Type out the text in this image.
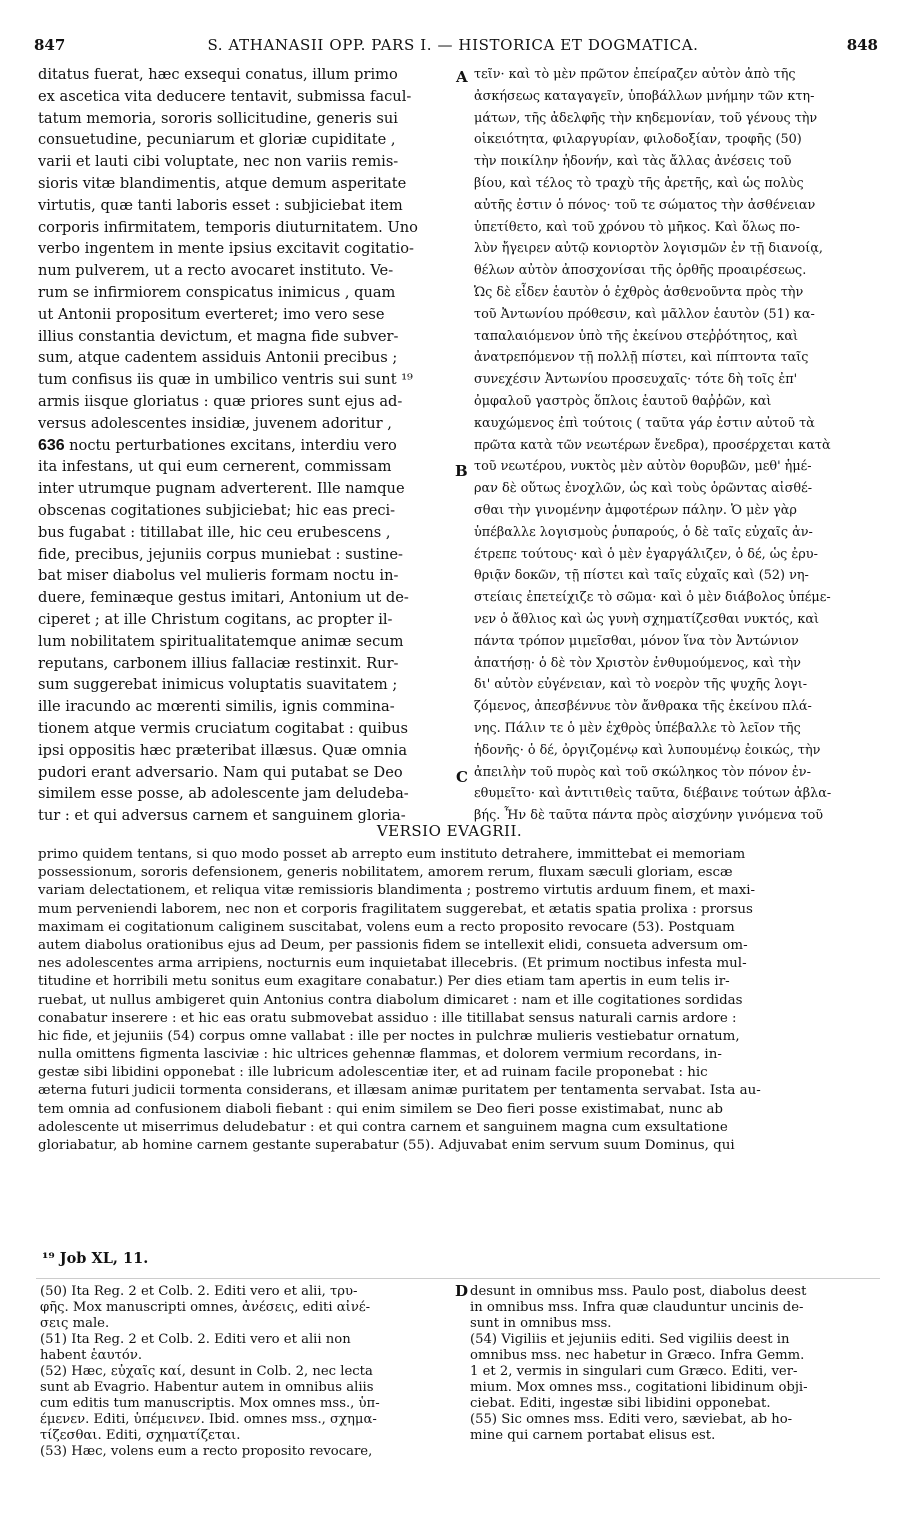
847	S. ATHANASII OPP. PARS I. — HISTORICA ET DOGMATICA.	848
ditatus fuerat, hæc exsequi conatus, illum primo
ex ascetica vita deducere tentavit, submissa facul-
tatum memoria, sororis sollicitudine, generis sui
consuetudine, pecuniarum et gloriæ cupiditate ,
varii et lauti cibi voluptate, nec non variis remis-
sioris vitæ blandimentis, atque demum asperitate
virtutis, quæ tanti laboris esset : subjiciebat item
corporis infirmitatem, temporis diuturnitatem. Uno
verbo ingentem in mente ipsius excitavit cogitatio-
num pulverem, ut a recto avocaret instituto. Ve-
rum se infirmiorem conspicatus inimicus , quam
ut Antonii propositum everteret; imo vero sese
illius constantia devictum, et magna fide subver-
sum, atque cadentem assiduis Antonii precibus ;
tum confisus iis quæ in umbilico ventris sui sunt ¹⁹
armis iisque gloriatus : quæ priores sunt ejus ad-
versus adolescentes insidiæ, juvenem adoritur ,
636 noctu perturbationes excitans, interdiu vero
ita infestans, ut qui eum cernerent, commissam
inter utrumque pugnam adverterent. Ille namque
obscenas cogitationes subjiciebat; hic eas preci-
bus fugabat : titillabat ille, hic ceu erubescens ,
fide, precibus, jejuniis corpus muniebat : sustine-
bat miser diabolus vel mulieris formam noctu in-
duere, feminæque gestus imitari, Antonium ut de-
ciperet ; at ille Christum cogitans, ac propter il-
lum nobilitatem spiritualitatemque animæ secum
reputans, carbonem illius fallaciæ restinxit. Rur-
sum suggerebat inimicus voluptatis suavitatem ;
ille iracundo ac mœrenti similis, ignis commina-
tionem atque vermis cruciatum cogitabat : quibus
ipsi oppositis hæc præteribat illæsus. Quæ omnia
pudori erant adversario. Nam qui putabat se Deo
similem esse posse, ab adolescente jam deludeba-
tur : et qui adversus carnem et sanguinem gloria-
τεῖν· καὶ τὸ μὲν πρῶτον ἐπείραζεν αὐτὸν ἀπὸ τῆς
ἀσκήσεως καταγαγεῖν, ὑποβάλλων μνήμην τῶν κτη-
μάτων, τῆς ἀδελφῆς τὴν κηδεμονίαν, τοῦ γένους τὴν
οἰκειότητα, φιλαργυρίαν, φιλοδοξίαν, τροφῆς (50)
τὴν ποικίλην ἡδονήν, καὶ τὰς ἄλλας ἀνέσεις τοῦ
βίου, καὶ τέλος τὸ τραχὺ τῆς ἀρετῆς, καὶ ὡς πολὺς
αὐτῆς ἐστιν ὁ πόνος· τοῦ τε σώματος τὴν ἀσθένειαν
ὑπετίθετο, καὶ τοῦ χρόνου τὸ μῆκος. Καὶ ὅλως πο-
λὺν ἤγειρεν αὐτῷ κονιορτὸν λογισμῶν ἐν τῇ διανοίᾳ,
θέλων αὐτὸν ἀποσχονίσαι τῆς ὀρθῆς προαιρέσεως.
Ὡς δὲ εἶδεν ἑαυτὸν ὁ ἐχθρὸς ἀσθενοῦντα πρὸς τὴν
τοῦ Ἀντωνίου πρόθεσιν, καὶ μᾶλλον ἑαυτὸν (51) κα-
ταπαλαιόμενον ὑπὸ τῆς ἐκείνου στεῤῥότητος, καὶ
ἀνατρεπόμενον τῇ πολλῇ πίστει, καὶ πίπτοντα ταῖς
συνεχέσιν Ἀντωνίου προσευχαῖς· τότε δὴ τοῖς ἐπ'
ὀμφαλοῦ γαστρὸς ὅπλοις ἑαυτοῦ θαῤῥῶν, καὶ
καυχώμενος ἐπὶ τούτοις ( ταῦτα γάρ ἐστιν αὐτοῦ τὰ
πρῶτα κατὰ τῶν νεωτέρων ἔνεδρα), προσέρχεται κατὰ
τοῦ νεωτέρου, νυκτὸς μὲν αὐτὸν θορυβῶν, μεθ' ἡμέ-
ραν δὲ οὕτως ἐνοχλῶν, ὡς καὶ τοὺς ὁρῶντας αἰσθέ-
σθαι τὴν γινομένην ἀμφοτέρων πάλην. Ὁ μὲν γὰρ
ὑπέβαλλε λογισμοὺς ῥυπαρούς, ὁ δὲ ταῖς εὐχαῖς ἀν-
έτρεπε τούτους· καὶ ὁ μὲν ἐγαργάλιζεν, ὁ δέ, ὡς ἐρυ-
θριᾷν δοκῶν, τῇ πίστει καὶ ταῖς εὐχαῖς καὶ (52) νη-
στείαις ἐπετείχιζε τὸ σῶμα· καὶ ὁ μὲν διάβολος ὑπέμε-
νεν ὁ ἄθλιος καὶ ὡς γυνὴ σχηματίζεσθαι νυκτός, καὶ
πάντα τρόπον μιμεῖσθαι, μόνον ἵνα τὸν Ἀντώνιον
ἀπατήσῃ· ὁ δὲ τὸν Χριστὸν ἐνθυμούμενος, καὶ τὴν
δι' αὐτὸν εὐγένειαν, καὶ τὸ νοερὸν τῆς ψυχῆς λογι-
ζόμενος, ἀπεσβέννυε τὸν ἄνθρακα τῆς ἐκείνου πλά-
νης. Πάλιν τε ὁ μὲν ἐχθρὸς ὑπέβαλλε τὸ λεῖον τῆς
ἡδονῆς· ὁ δέ, ὀργιζομένῳ καὶ λυπουμένῳ ἐοικώς, τὴν
ἀπειλὴν τοῦ πυρὸς καὶ τοῦ σκώληκος τὸν πόνον ἐν-
εθυμεῖτο· καὶ ἀντιτιθεὶς ταῦτα, διέβαινε τούτων ἀβλα-
βής. Ἦν δὲ ταῦτα πάντα πρὸς αἰσχύνην γινόμενα τοῦ
A
B
C
VERSIO EVAGRII.
primo quidem tentans, si quo modo posset ab arrepto eum instituto detrahere, immittebat ei memoriam
possessionum, sororis defensionem, generis nobilitatem, amorem rerum, fluxam sæculi gloriam, escæ
variam delectationem, et reliqua vitæ remissioris blandimenta ; postremo virtutis arduum finem, et maxi-
mum perveniendi laborem, nec non et corporis fragilitatem suggerebat, et ætatis spatia prolixa : prorsus
maximam ei cogitationum caliginem suscitabat, volens eum a recto proposito revocare (53). Postquam
autem diabolus orationibus ejus ad Deum, per passionis fidem se intellexit elidi, consueta adversum om-
nes adolescentes arma arripiens, nocturnis eum inquietabat illecebris. (Et primum noctibus infesta mul-
titudine et horribili metu sonitus eum exagitare conabatur.) Per dies etiam tam apertis in eum telis ir-
ruebat, ut nullus ambigeret quin Antonius contra diabolum dimicaret : nam et ille cogitationes sordidas
conabatur inserere : et hic eas oratu submovebat assiduo : ille titillabat sensus naturali carnis ardore :
hic fide, et jejuniis (54) corpus omne vallabat : ille per noctes in pulchræ mulieris vestiebatur ornatum,
nulla omittens figmenta lasciviæ : hic ultrices gehennæ flammas, et dolorem vermium recordans, in-
gestæ sibi libidini opponebat : ille lubricum adolescentiæ iter, et ad ruinam facile proponebat : hic
æterna futuri judicii tormenta considerans, et illæsam animæ puritatem per tentamenta servabat. Ista au-
tem omnia ad confusionem diaboli fiebant : qui enim similem se Deo fieri posse existimabat, nunc ab
adolescente ut miserrimus deludebatur : et qui contra carnem et sanguinem magna cum exsultatione
gloriabatur, ab homine carnem gestante superabatur (55). Adjuvabat enim servum suum Dominus, qui
¹⁹ Job XL, 11.
D
(50) Ita Reg. 2 et Colb. 2. Editi vero et alii, τρυ-
φῆς. Mox manuscripti omnes, ἀνέσεις, editi αἰνέ-
σεις male.
(51) Ita Reg. 2 et Colb. 2. Editi vero et alii non
habent ἑαυτόν.
(52) Hæc, εὐχαῖς καί, desunt in Colb. 2, nec lecta
sunt ab Evagrio. Habentur autem in omnibus aliis
cum editis tum manuscriptis. Mox omnes mss., ὑπ-
έμενεν. Editi, ὑπέμεινεν. Ibid. omnes mss., σχημα-
τίζεσθαι. Editi, σχηματίζεται.
(53) Hæc, volens eum a recto proposito revocare,
desunt in omnibus mss. Paulo post, diabolus deest
in omnibus mss. Infra quæ clauduntur uncinis de-
sunt in omnibus mss.
(54) Vigiliis et jejuniis editi. Sed vigiliis deest in
omnibus mss. nec habetur in Græco. Infra Gemm.
1 et 2, vermis in singulari cum Græco. Editi, ver-
mium. Mox omnes mss., cogitationi libidinum obji-
ciebat. Editi, ingestæ sibi libidini opponebat.
(55) Sic omnes mss. Editi vero, sæviebat, ab ho-
mine qui carnem portabat elisus est.
